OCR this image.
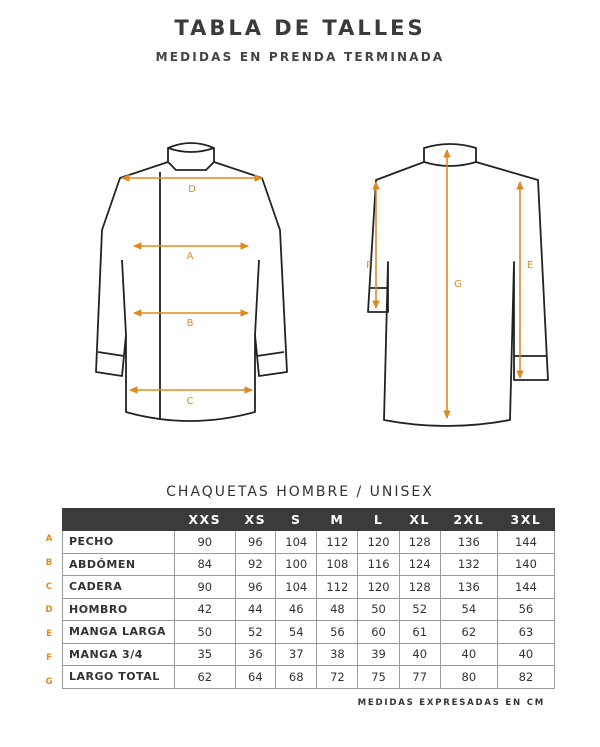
TABLA DE TALLES
MEDIDAS EN PRENDA TERMINADA
D
A
B
C
F
G
E
CHAQUETAS HOMBRE / UNISEX
A
B
C
D
E
F
G
	XXS	XS	S	M	L	XL	2XL	3XL
PECHO	90	96	104	112	120	128	136	144
ABDÓMEN	84	92	100	108	116	124	132	140
CADERA	90	96	104	112	120	128	136	144
HOMBRO	42	44	46	48	50	52	54	56
MANGA LARGA	50	52	54	56	60	61	62	63
MANGA 3/4	35	36	37	38	39	40	40	40
LARGO TOTAL	62	64	68	72	75	77	80	82
MEDIDAS EXPRESADAS EN CM
